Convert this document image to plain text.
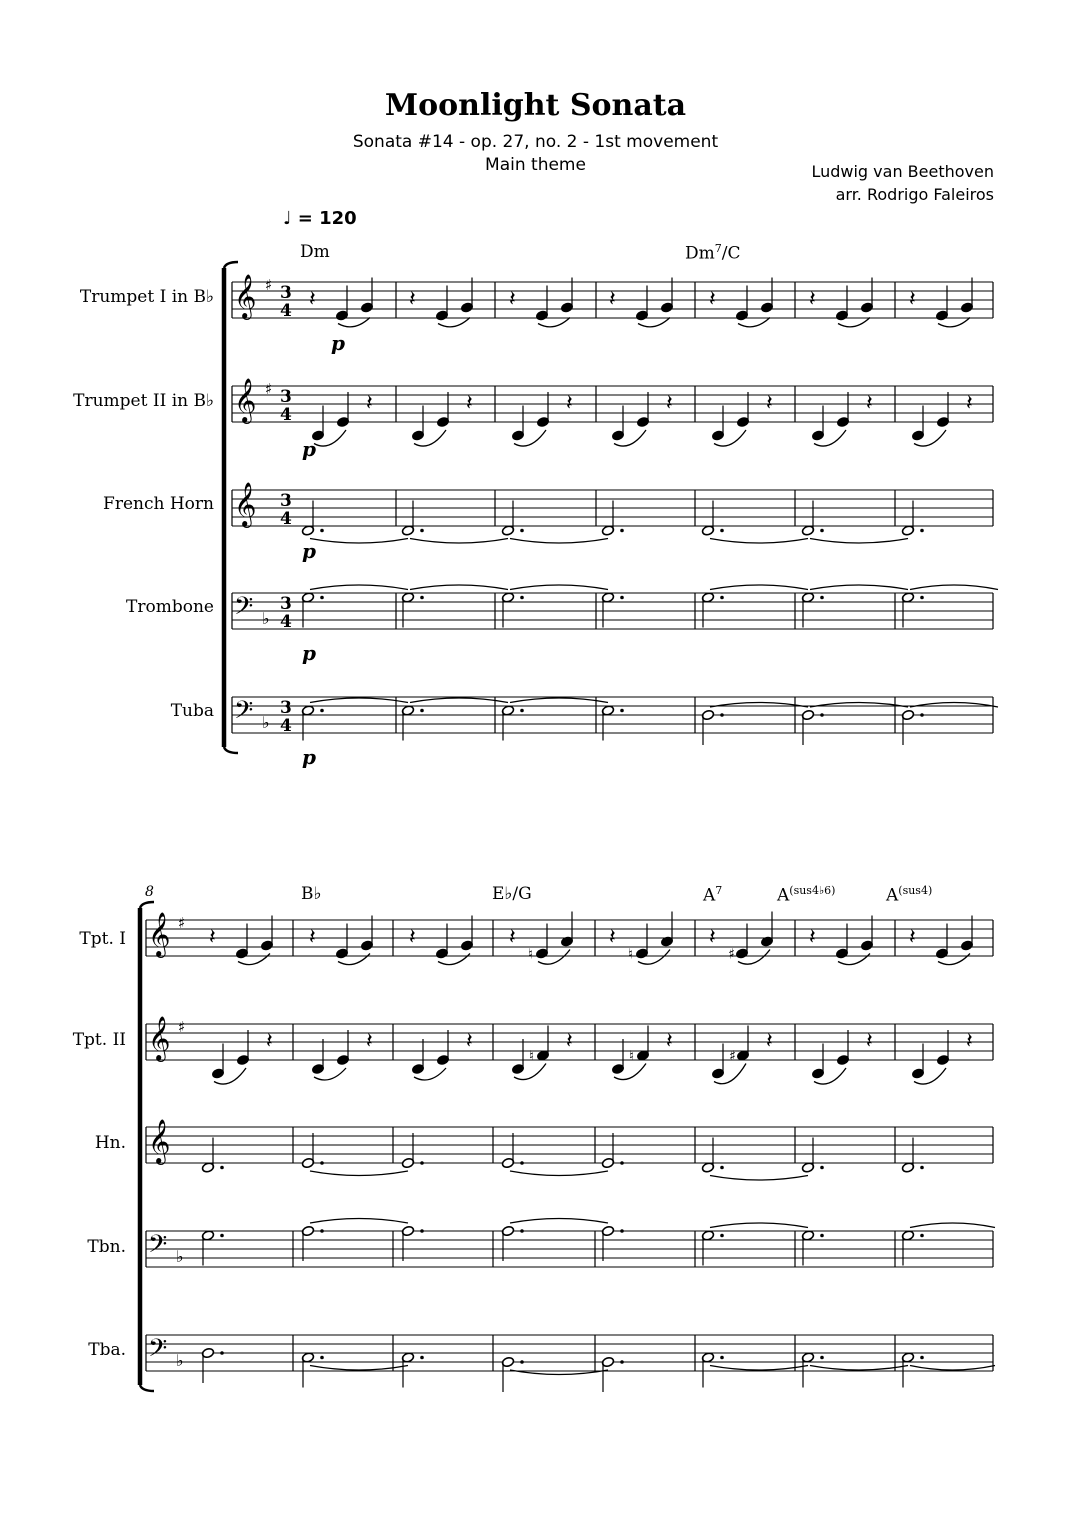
Moonlight Sonata
Sonata #14 - op. 27, no. 2 - 1st movement
Main theme	Ludwig van Beethoven
arr. Rodrigo Faleiros
♩ = 120
Dm	Dm$^7$/C
Trumpet I in B♭
Trumpet II in B♭
French Horn
Trombone
Tuba
8	B♭	E♭/G	$A^7$	$A^{(sus4♭6)}$	$A^{(sus4)}$
Tpt. I
Tpt. II
Hn.
Tbn.
Tba.
𝄞 ♯ 3
4
𝄞 ♯ 3
4
𝄞 3
4
𝄢 ♭
3
4
𝄢 ♭
3
4
𝄽	𝄽	𝄽	𝄽	𝄽	𝄽	𝄽
𝄽	𝄽	𝄽	𝄽	𝄽	𝄽	𝄽
p
p
p
p
p
𝄞 ♯
𝄞 ♯
𝄞
𝄢 ♭
𝄢 ♭
𝄽	𝄽	𝄽	𝄽
♮
𝄽
♮
𝄽
♯
𝄽	𝄽
𝄽	𝄽	𝄽
♮
𝄽
♮
𝄽
♯
𝄽	𝄽	𝄽
